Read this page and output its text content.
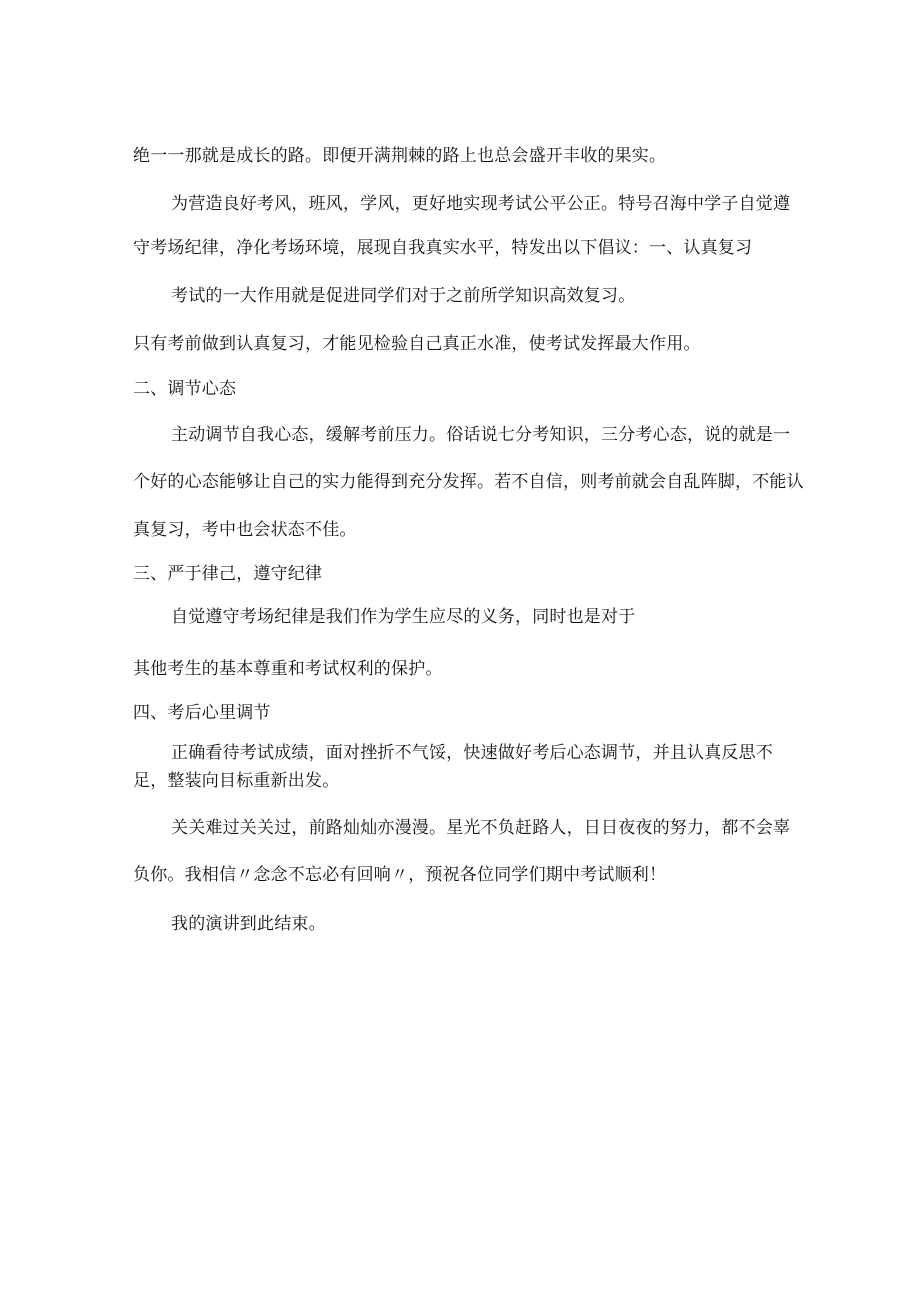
绝一一那就是成长的路。即便开满荆棘的路上也总会盛开丰收的果实。
为营造良好考风，班风，学风，更好地实现考试公平公正。特号召海中学子自觉遵
守考场纪律，净化考场环境，展现自我真实水平，特发出以下倡议：一、认真复习
考试的一大作用就是促进同学们对于之前所学知识高效复习。
只有考前做到认真复习，才能见检验自己真正水准，使考试发挥最大作用。
二、调节心态
主动调节自我心态，缓解考前压力。俗话说七分考知识，三分考心态，说的就是一
个好的心态能够让自己的实力能得到充分发挥。若不自信，则考前就会自乱阵脚，不能认
真复习，考中也会状态不佳。
三、严于律己，遵守纪律
自觉遵守考场纪律是我们作为学生应尽的义务，同时也是对于
其他考生的基本尊重和考试权利的保护。
四、考后心里调节
正确看待考试成绩，面对挫折不气馁，快速做好考后心态调节，并且认真反思不
足，整装向目标重新出发。
关关难过关关过，前路灿灿亦漫漫。星光不负赶路人，日日夜夜的努力，都不会辜
负你。我相信〃念念不忘必有回响〃，预祝各位同学们期中考试顺利！
我的演讲到此结束。
